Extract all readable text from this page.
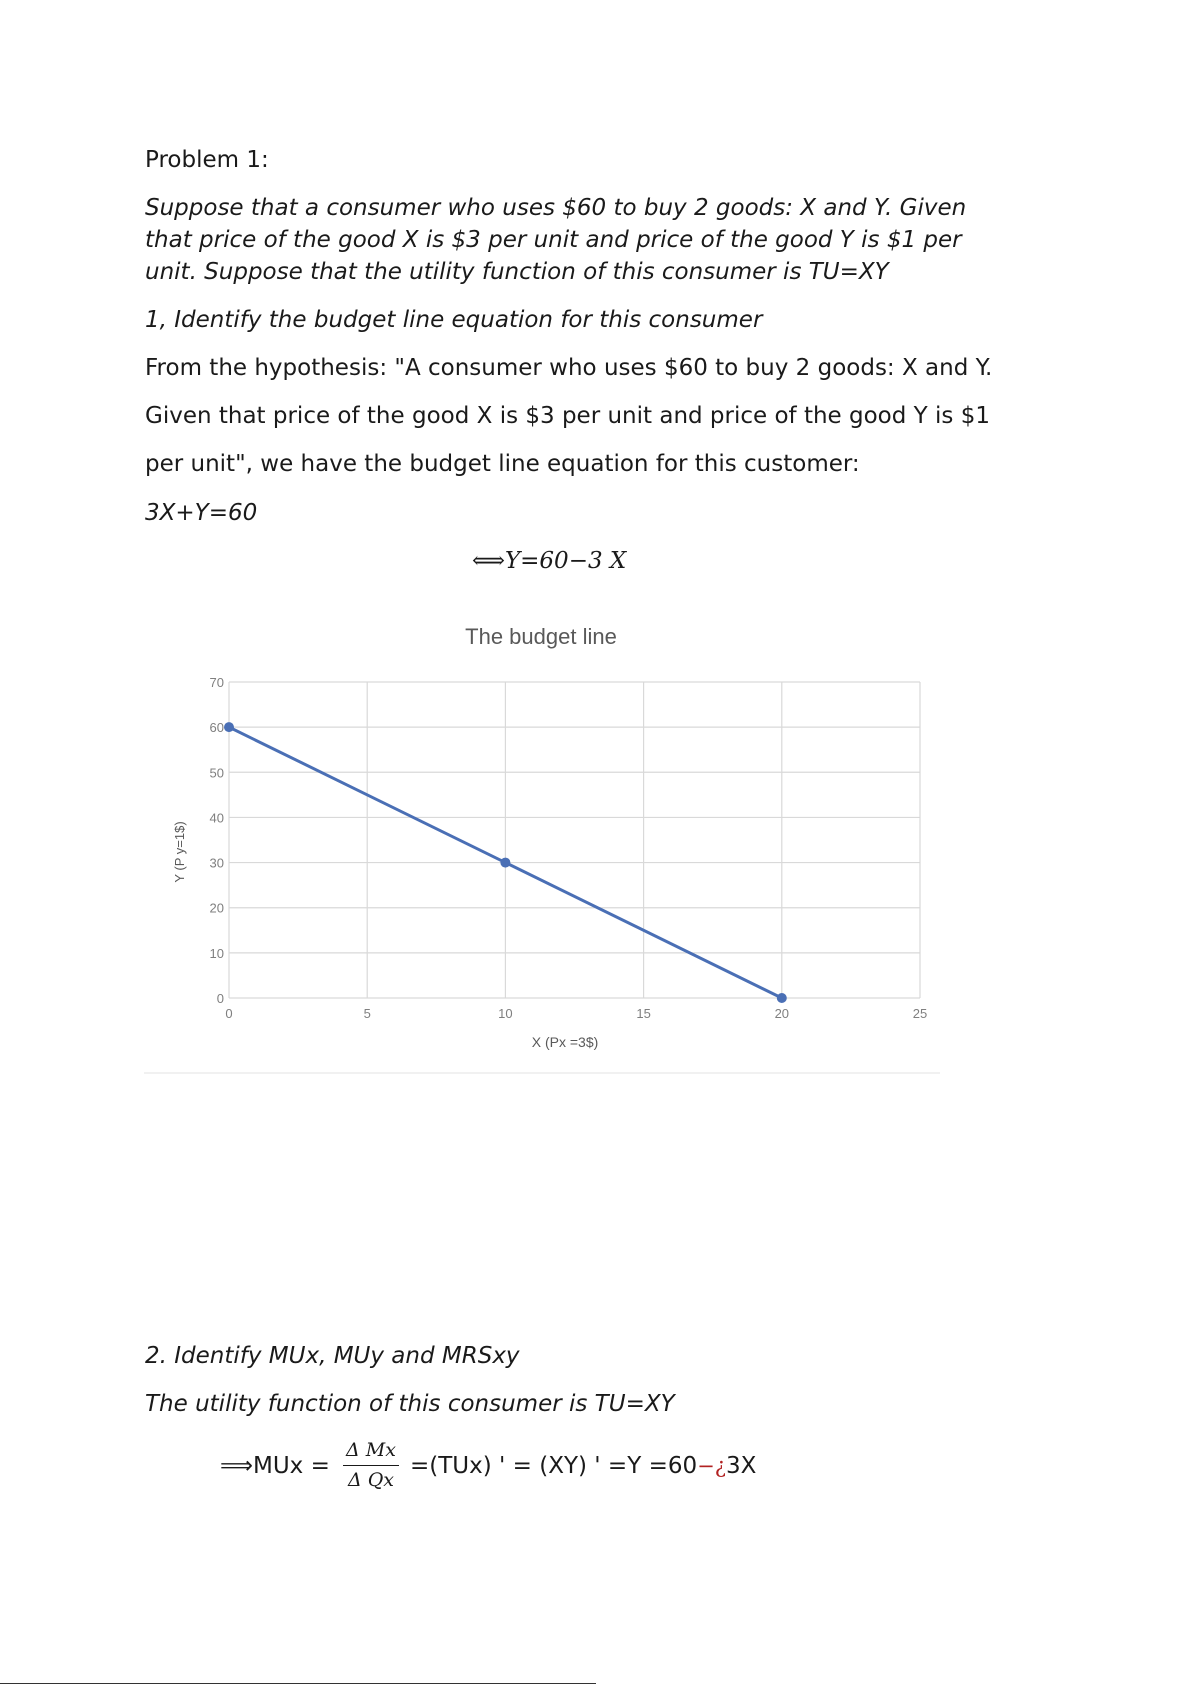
Problem 1:
Suppose that a consumer who uses $60 to buy 2 goods: X and Y. Given
that price of the good X is $3 per unit and price of the good Y is $1 per
unit. Suppose that the utility function of this consumer is TU=XY
1, Identify the budget line equation for this consumer
From the hypothesis: "A consumer who uses $60 to buy 2 goods: X and Y.
Given that price of the good X is $3 per unit and price of the good Y is $1
per unit", we have the budget line equation for this customer:
3X+Y=60
⟺Y=60−3 X
0
10
20
30
40
50
60
70
0	5	10	15	20	25
The budget line
X (Px =3$)
Y (P y=1$)
2. Identify MUx, MUy and MRSxy
The utility function of this consumer is TU=XY
⟹MUx =
Δ Mx
Δ Qx
=(TUx) ' = (XY) ' =Y =60−¿3X
